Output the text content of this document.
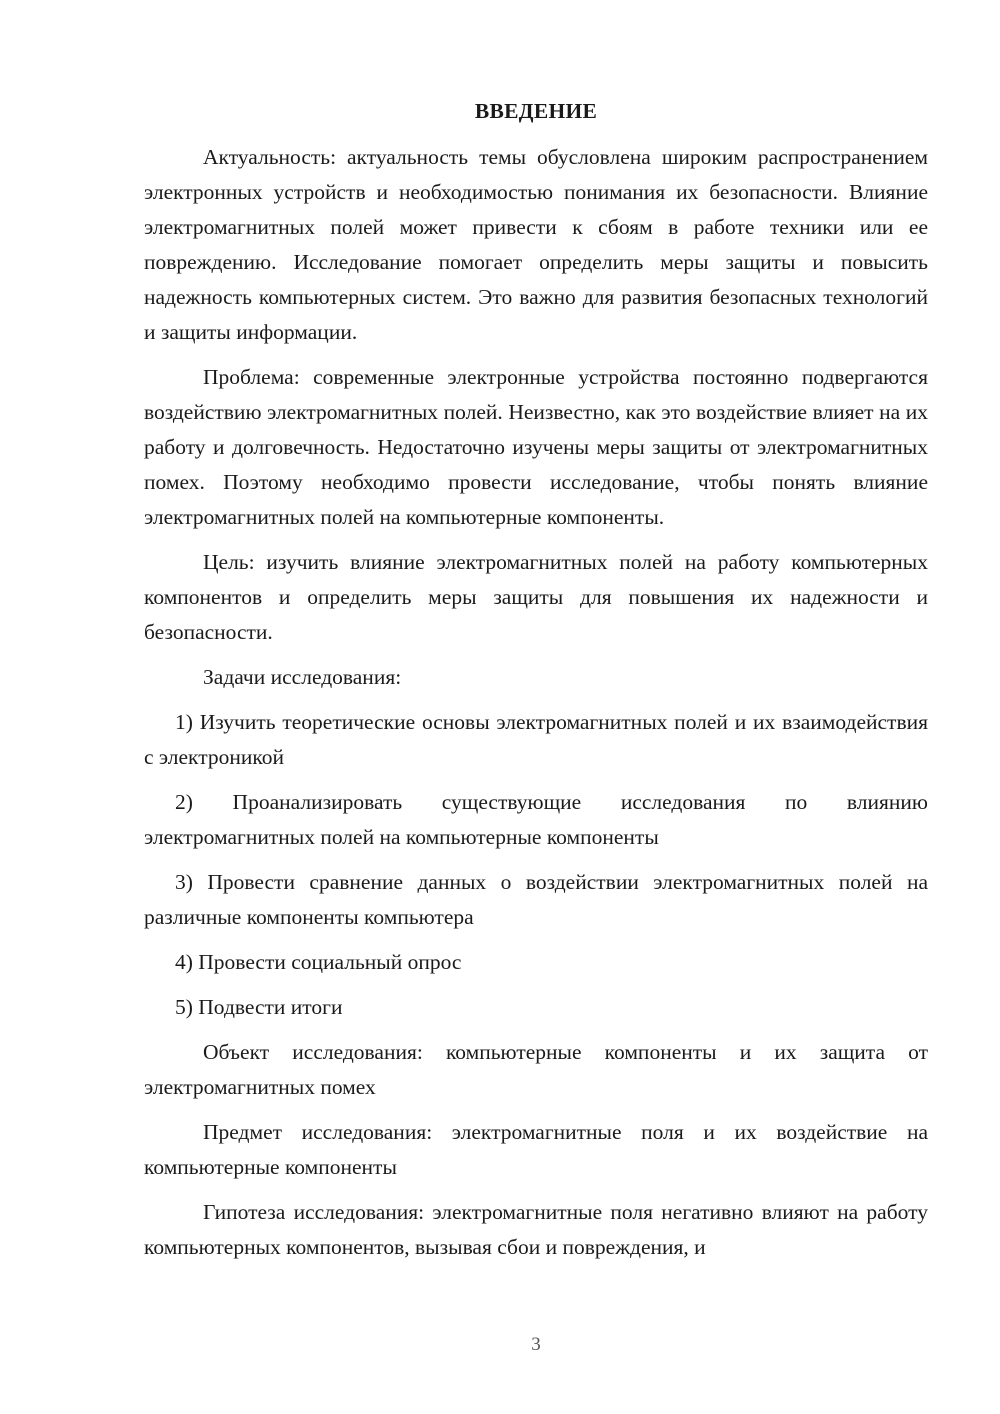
ВВЕДЕНИЕ

Актуальность: актуальность темы обусловлена широким распространением электронных устройств и необходимостью понимания их безопасности. Влияние электромагнитных полей может привести к сбоям в работе техники или ее повреждению. Исследование помогает определить меры защиты и повысить надежность компьютерных систем. Это важно для развития безопасных технологий и защиты информации.

Проблема: современные электронные устройства постоянно подвергаются воздействию электромагнитных полей. Неизвестно, как это воздействие влияет на их работу и долговечность. Недостаточно изучены меры защиты от электромагнитных помех. Поэтому необходимо провести исследование, чтобы понять влияние электромагнитных полей на компьютерные компоненты.

Цель: изучить влияние электромагнитных полей на работу компьютерных компонентов и определить меры защиты для повышения их надежности и безопасности.

Задачи исследования:

1) Изучить теоретические основы электромагнитных полей и их взаимодействия с электроникой

2) Проанализировать существующие исследования по влиянию электромагнитных полей на компьютерные компоненты

3) Провести сравнение данных о воздействии электромагнитных полей на различные компоненты компьютера

4) Провести социальный опрос

5) Подвести итоги

Объект исследования: компьютерные компоненты и их защита от электромагнитных помех

Предмет исследования: электромагнитные поля и их воздействие на компьютерные компоненты

Гипотеза исследования: электромагнитные поля негативно влияют на работу компьютерных компонентов, вызывая сбои и повреждения, и

3
